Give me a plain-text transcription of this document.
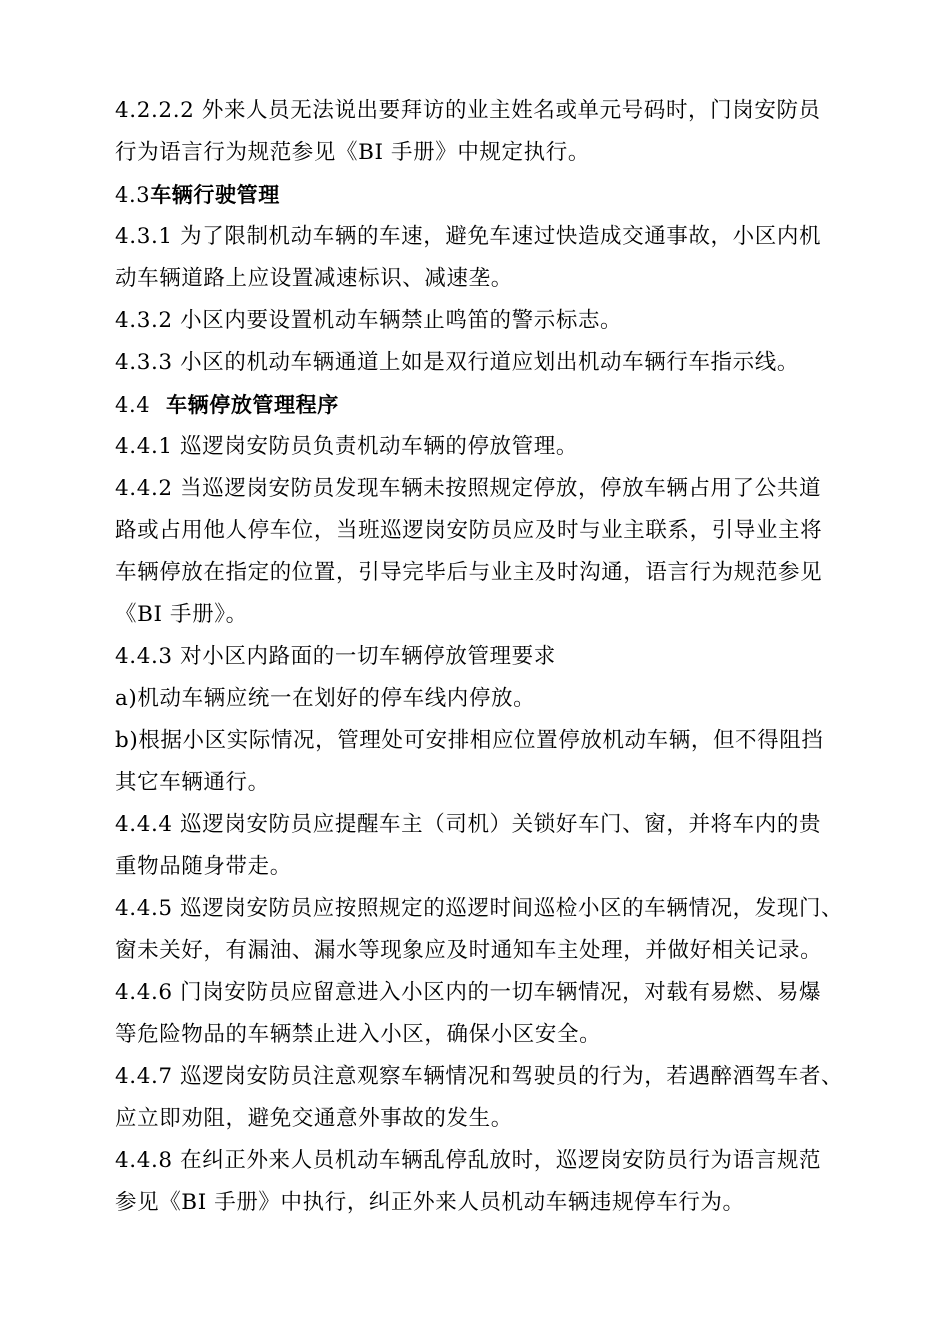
4.2.2.2 外来人员无法说出要拜访的业主姓名或单元号码时，门岗安防员
行为语言行为规范参见《BI 手册》中规定执行。
4.3车辆行驶管理
4.3.1 为了限制机动车辆的车速，避免车速过快造成交通事故，小区内机
动车辆道路上应设置减速标识、减速垄。
4.3.2 小区内要设置机动车辆禁止鸣笛的警示标志。
4.3.3 小区的机动车辆通道上如是双行道应划出机动车辆行车指示线。
4.4  车辆停放管理程序
4.4.1 巡逻岗安防员负责机动车辆的停放管理。
4.4.2 当巡逻岗安防员发现车辆未按照规定停放，停放车辆占用了公共道
路或占用他人停车位，当班巡逻岗安防员应及时与业主联系，引导业主将
车辆停放在指定的位置，引导完毕后与业主及时沟通，语言行为规范参见
《BI 手册》。
4.4.3 对小区内路面的一切车辆停放管理要求
a)机动车辆应统一在划好的停车线内停放。
b)根据小区实际情况，管理处可安排相应位置停放机动车辆，但不得阻挡
其它车辆通行。
4.4.4 巡逻岗安防员应提醒车主（司机）关锁好车门、窗，并将车内的贵
重物品随身带走。
4.4.5 巡逻岗安防员应按照规定的巡逻时间巡检小区的车辆情况，发现门、
窗未关好，有漏油、漏水等现象应及时通知车主处理，并做好相关记录。
4.4.6 门岗安防员应留意进入小区内的一切车辆情况，对载有易燃、易爆
等危险物品的车辆禁止进入小区，确保小区安全。
4.4.7 巡逻岗安防员注意观察车辆情况和驾驶员的行为，若遇醉酒驾车者、
应立即劝阻，避免交通意外事故的发生。
4.4.8 在纠正外来人员机动车辆乱停乱放时，巡逻岗安防员行为语言规范
参见《BI 手册》中执行，纠正外来人员机动车辆违规停车行为。
